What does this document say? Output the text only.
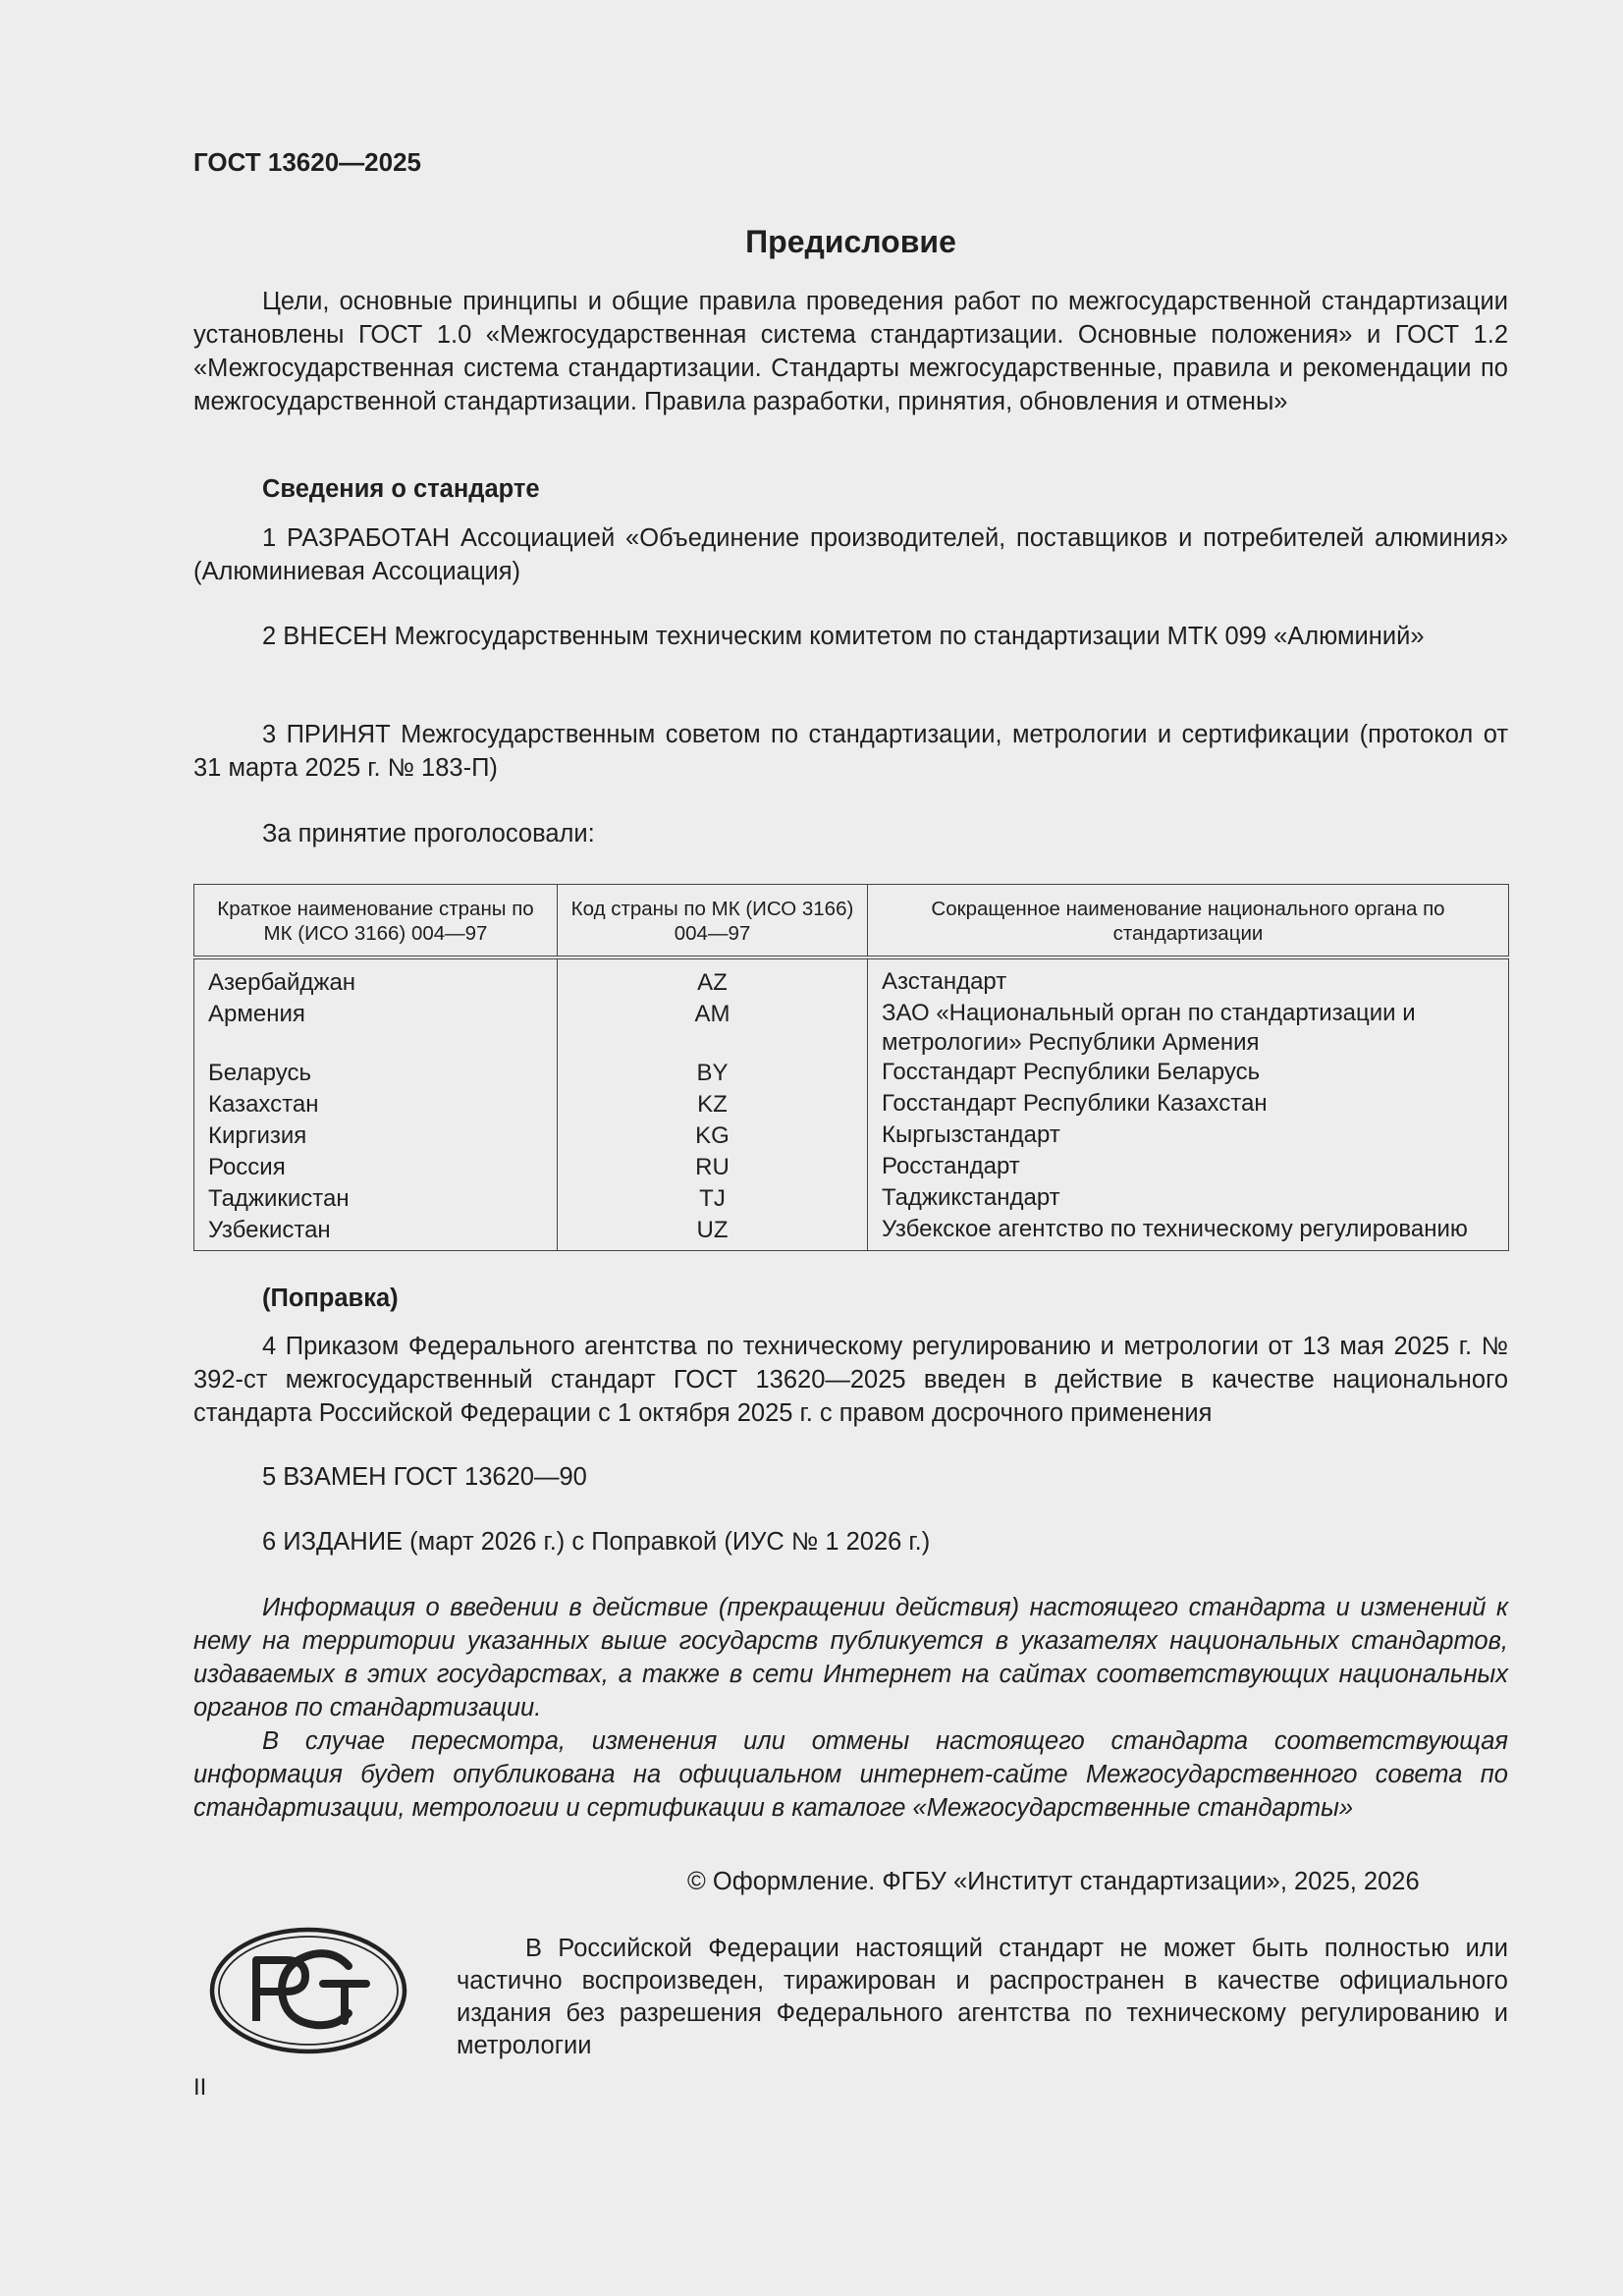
ГОСТ 13620—2025
Предисловие

Цели, основные принципы и общие правила проведения работ по межгосударственной стандартизации установлены ГОСТ 1.0 «Межгосударственная система стандартизации. Основные положения» и ГОСТ 1.2 «Межгосударственная система стандартизации. Стандарты межгосударственные, правила и рекомендации по межгосударственной стандартизации. Правила разработки, принятия, обновления и отмены»

Сведения о стандарте

1 РАЗРАБОТАН Ассоциацией «Объединение производителей, поставщиков и потребителей алюминия» (Алюминиевая Ассоциация)

2 ВНЕСЕН Межгосударственным техническим комитетом по стандартизации МТК 099 «Алюминий»

3 ПРИНЯТ Межгосударственным советом по стандартизации, метрологии и сертификации (протокол от 31 марта 2025 г. № 183-П)

За принятие проголосовали:
Краткое наименование страны по МК (ИСО 3166) 004—97	Код страны по МК (ИСО 3166) 004—97	Сокращенное наименование национального органа по стандартизации
Азербайджан	AZ	Азстандарт
Армения	AM	ЗАО «Национальный орган по стандартизации и метрологии» Республики Армения
Беларусь	BY	Госстандарт Республики Беларусь
Казахстан	KZ	Госстандарт Республики Казахстан
Киргизия	KG	Кыргызстандарт
Россия	RU	Росстандарт
Таджикистан	TJ	Таджикстандарт
Узбекистан	UZ	Узбекское агентство по техническому регулированию
(Поправка)

4 Приказом Федерального агентства по техническому регулированию и метрологии от 13 мая 2025 г. № 392-ст межгосударственный стандарт ГОСТ 13620—2025 введен в действие в качестве национального стандарта Российской Федерации с 1 октября 2025 г. с правом досрочного применения

5 ВЗАМЕН ГОСТ 13620—90
6 ИЗДАНИЕ (март 2026 г.) с Поправкой (ИУС № 1 2026 г.)

Информация о введении в действие (прекращении действия) настоящего стандарта и изменений к нему на территории указанных выше государств публикуется в указателях национальных стандартов, издаваемых в этих государствах, а также в сети Интернет на сайтах соответствующих национальных органов по стандартизации.

В случае пересмотра, изменения или отмены настоящего стандарта соответствующая информация будет опубликована на официальном интернет-сайте Межгосударственного совета по стандартизации, метрологии и сертификации в каталоге «Межгосударственные стандарты»

© Оформление. ФГБУ «Институт стандартизации», 2025, 2026

В Российской Федерации настоящий стандарт не может быть полностью или частично воспроизведен, тиражирован и распространен в качестве официального издания без разрешения Федерального агентства по техническому регулированию и метрологии

II
